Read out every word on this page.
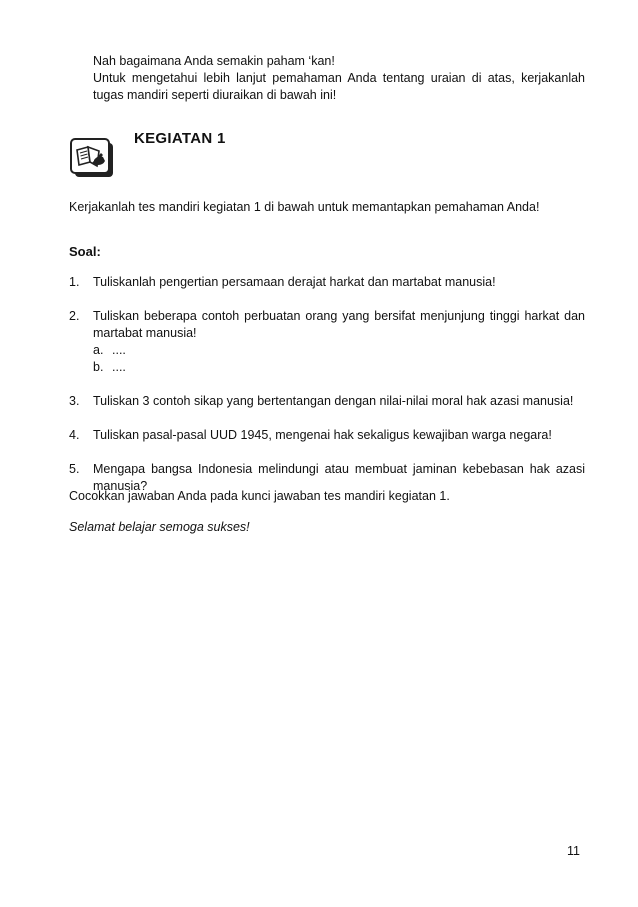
Nah bagaimana Anda semakin paham ‘kan!

Untuk mengetahui lebih lanjut pemahaman Anda tentang uraian di atas, kerjakanlah tugas mandiri seperti diuraikan di bawah ini!

KEGIATAN 1
Kerjakanlah tes mandiri kegiatan 1 di bawah untuk memantapkan pemahaman Anda!
Soal:
1. Tuliskanlah pengertian persamaan derajat harkat dan martabat manusia!
2. Tuliskan beberapa contoh perbuatan orang yang bersifat menjunjung tinggi harkat dan martabat manusia!
a. ....
b. ....
3. Tuliskan 3 contoh sikap yang bertentangan dengan nilai-nilai moral hak azasi manusia!
4. Tuliskan pasal-pasal UUD 1945, mengenai hak sekaligus kewajiban warga negara!
5. Mengapa bangsa Indonesia melindungi atau membuat jaminan kebebasan hak azasi manusia?
Cocokkan jawaban Anda pada kunci jawaban tes mandiri kegiatan 1.
Selamat belajar semoga sukses!
11
